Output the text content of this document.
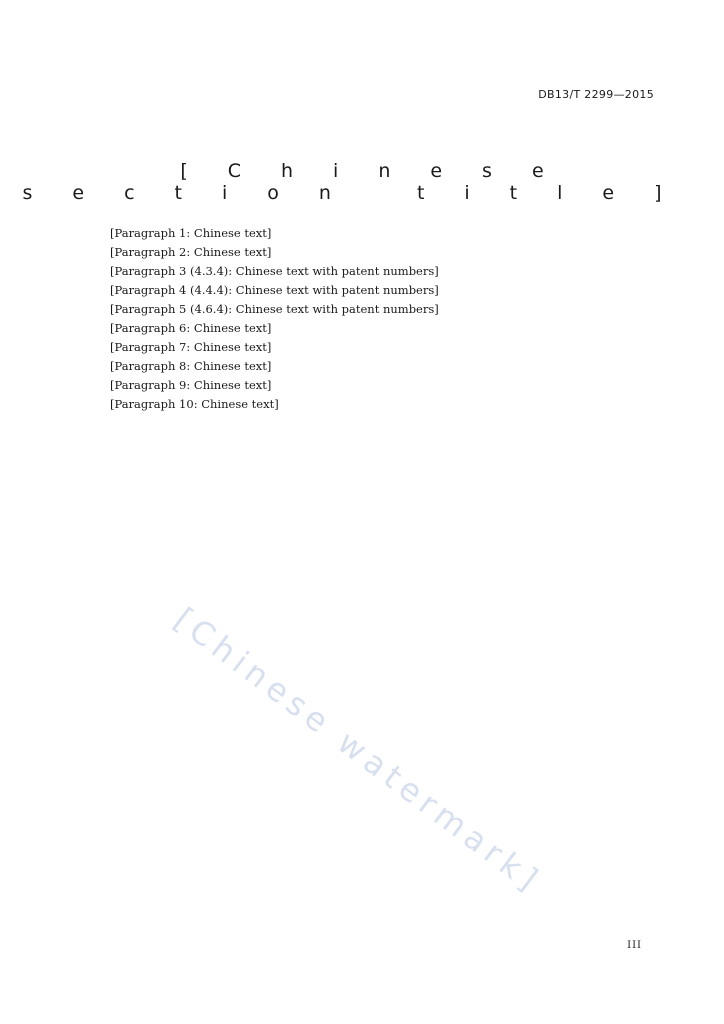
DB13/T 2299—2015
[Chinese section title]

[Paragraph 1: Chinese text]

[Paragraph 2: Chinese text]

[Paragraph 3 (4.3.4): Chinese text with patent numbers]

[Paragraph 4 (4.4.4): Chinese text with patent numbers]

[Paragraph 5 (4.6.4): Chinese text with patent numbers]

[Paragraph 6: Chinese text]

[Paragraph 7: Chinese text]

[Paragraph 8: Chinese text]

[Paragraph 9: Chinese text]

[Paragraph 10: Chinese text]

[Chinese watermark]
III
